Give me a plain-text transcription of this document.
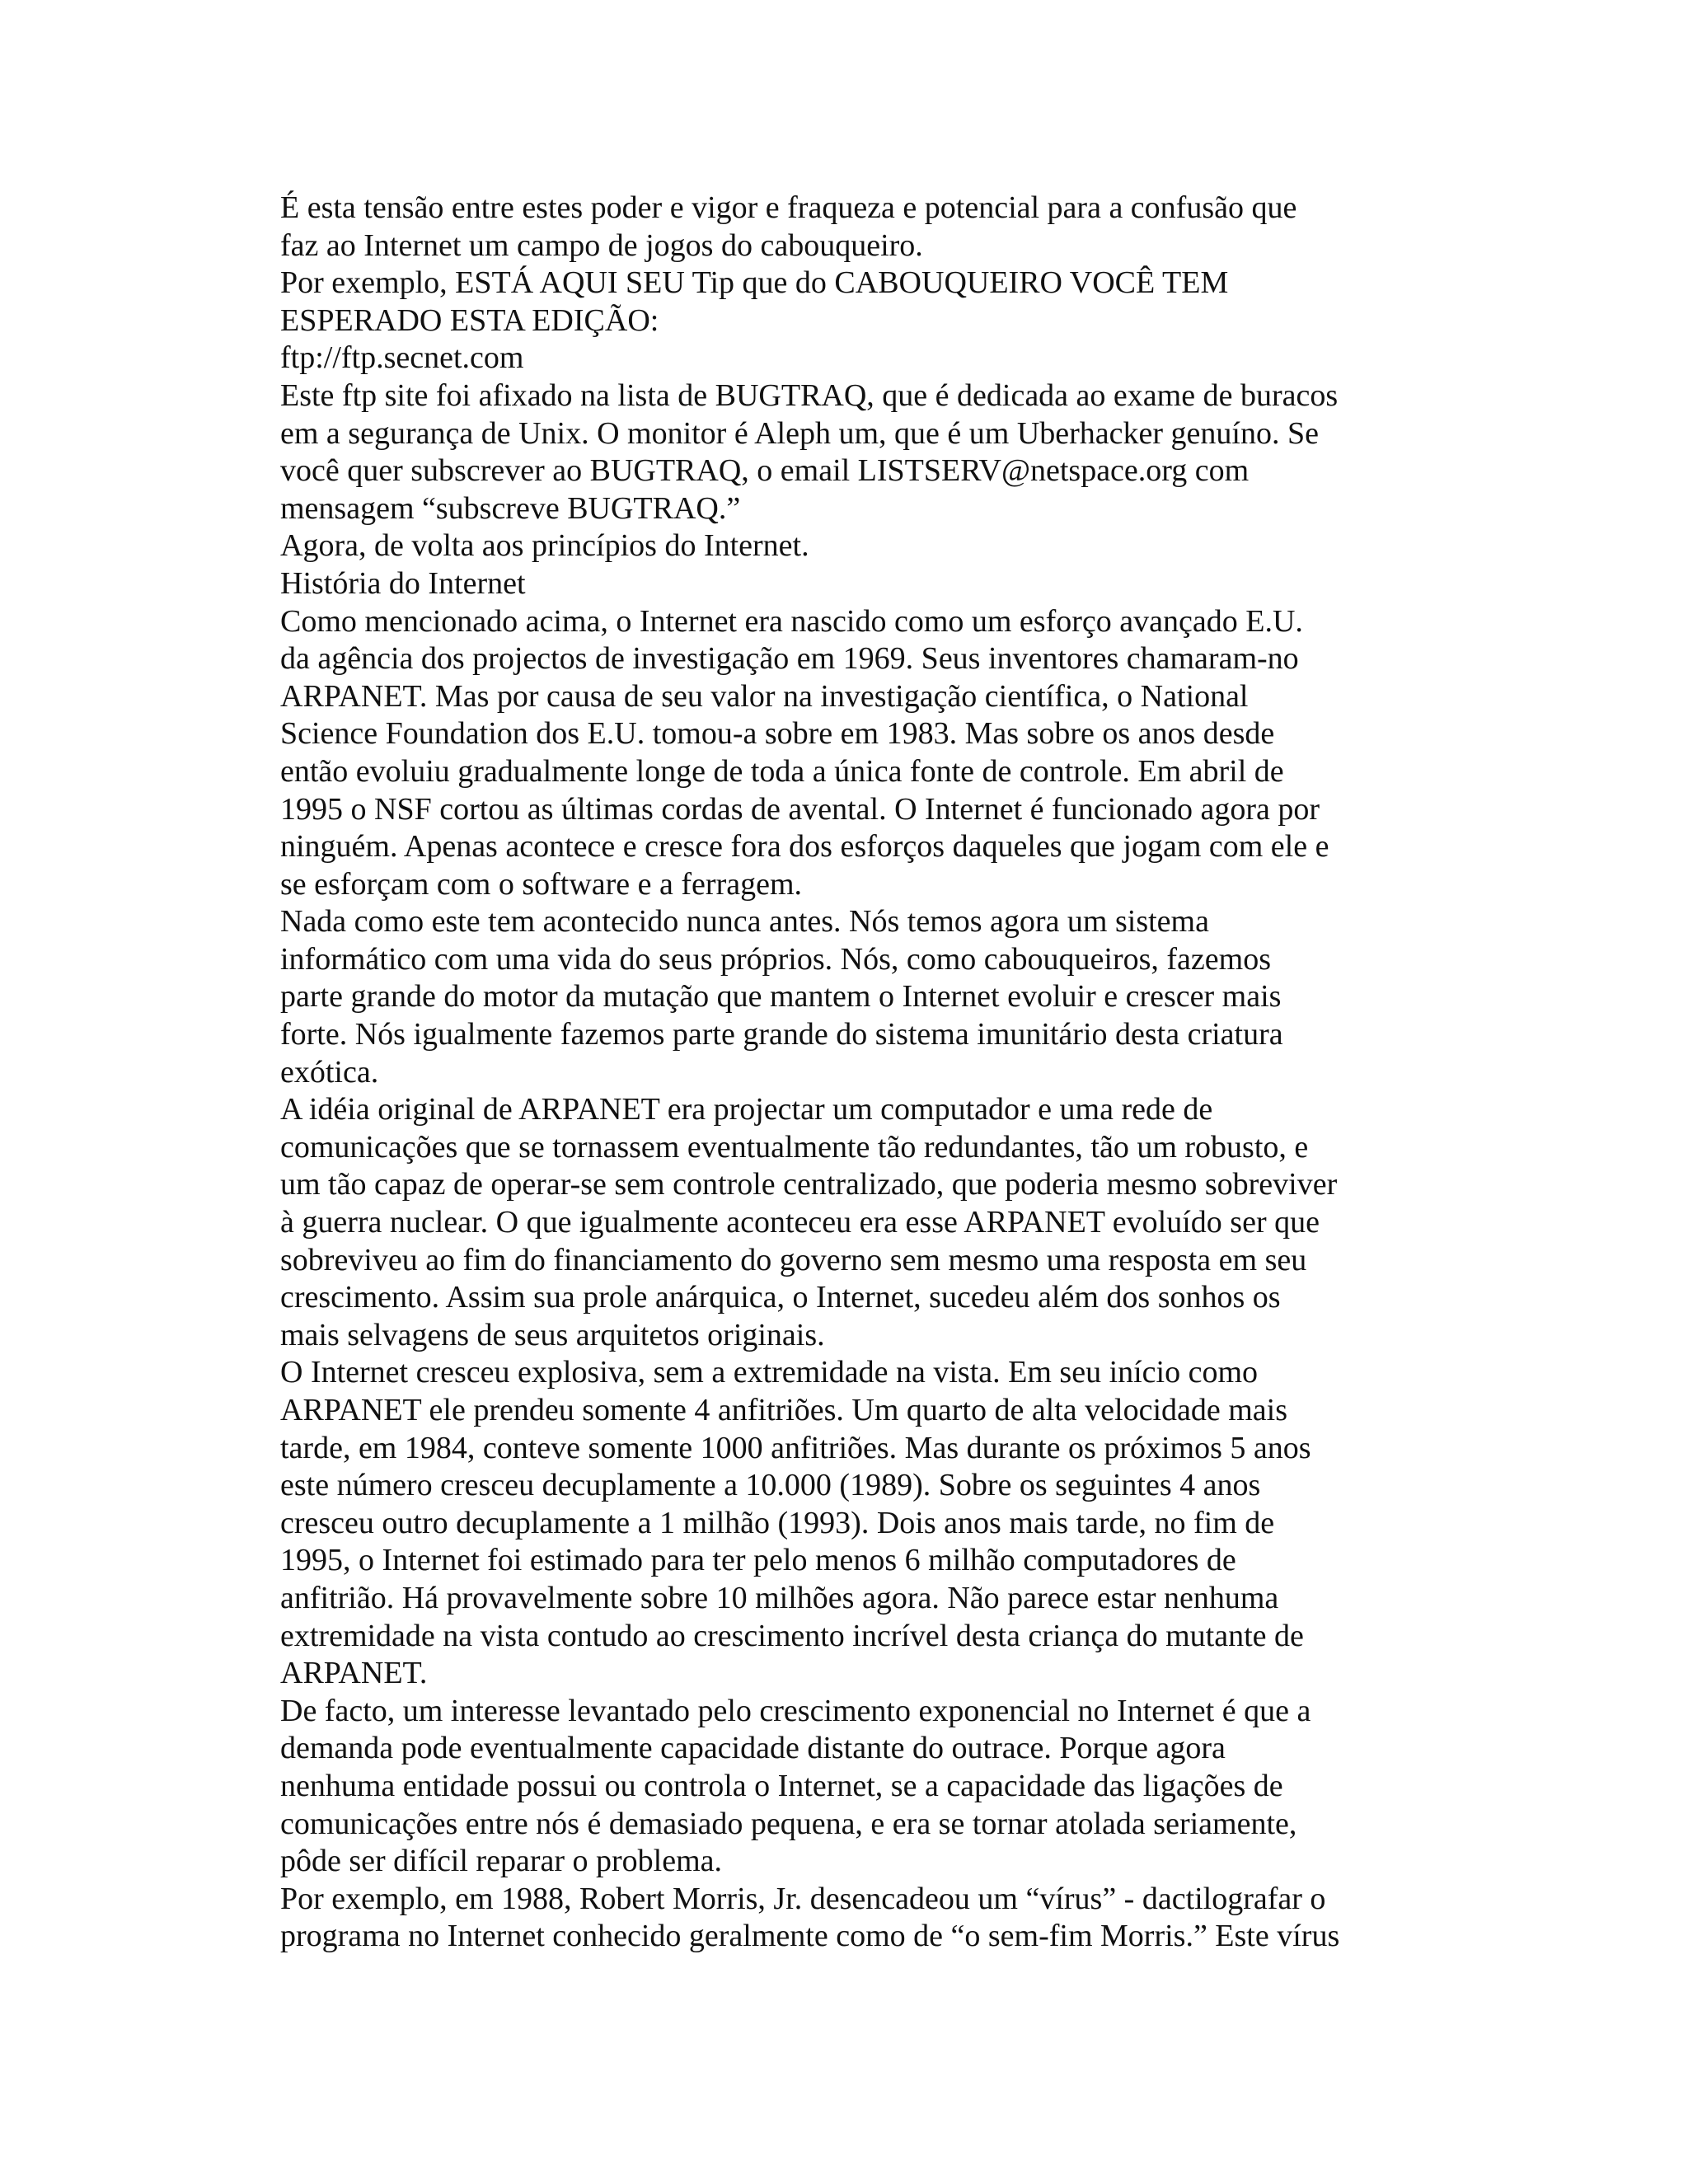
É esta tensão entre estes poder e vigor e fraqueza e potencial para a confusão que
faz ao Internet um campo de jogos do cabouqueiro.
Por exemplo, ESTÁ AQUI SEU Tip que do CABOUQUEIRO VOCÊ TEM
ESPERADO ESTA EDIÇÃO:
ftp://ftp.secnet.com
Este ftp site foi afixado na lista de BUGTRAQ, que é dedicada ao exame de buracos
em a segurança de Unix. O monitor é Aleph um, que é um Uberhacker genuíno. Se
você quer subscrever ao BUGTRAQ, o email LISTSERV@netspace.org com
mensagem “subscreve BUGTRAQ.”
Agora, de volta aos princípios do Internet.
História do Internet
Como mencionado acima, o Internet era nascido como um esforço avançado E.U.
da agência dos projectos de investigação em 1969. Seus inventores chamaram-no
ARPANET. Mas por causa de seu valor na investigação científica, o National
Science Foundation dos E.U. tomou-a sobre em 1983. Mas sobre os anos desde
então evoluiu gradualmente longe de toda a única fonte de controle. Em abril de
1995 o NSF cortou as últimas cordas de avental. O Internet é funcionado agora por
ninguém. Apenas acontece e cresce fora dos esforços daqueles que jogam com ele e
se esforçam com o software e a ferragem.
Nada como este tem acontecido nunca antes. Nós temos agora um sistema
informático com uma vida do seus próprios. Nós, como cabouqueiros, fazemos
parte grande do motor da mutação que mantem o Internet evoluir e crescer mais
forte. Nós igualmente fazemos parte grande do sistema imunitário desta criatura
exótica.
A idéia original de ARPANET era projectar um computador e uma rede de
comunicações que se tornassem eventualmente tão redundantes, tão um robusto, e
um tão capaz de operar-se sem controle centralizado, que poderia mesmo sobreviver
à guerra nuclear. O que igualmente aconteceu era esse ARPANET evoluído ser que
sobreviveu ao fim do financiamento do governo sem mesmo uma resposta em seu
crescimento. Assim sua prole anárquica, o Internet, sucedeu além dos sonhos os
mais selvagens de seus arquitetos originais.
O Internet cresceu explosiva, sem a extremidade na vista. Em seu início como
ARPANET ele prendeu somente 4 anfitriões. Um quarto de alta velocidade mais
tarde, em 1984, conteve somente 1000 anfitriões. Mas durante os próximos 5 anos
este número cresceu decuplamente a 10.000 (1989). Sobre os seguintes 4 anos
cresceu outro decuplamente a 1 milhão (1993). Dois anos mais tarde, no fim de
1995, o Internet foi estimado para ter pelo menos 6 milhão computadores de
anfitrião. Há provavelmente sobre 10 milhões agora. Não parece estar nenhuma
extremidade na vista contudo ao crescimento incrível desta criança do mutante de
ARPANET.
De facto, um interesse levantado pelo crescimento exponencial no Internet é que a
demanda pode eventualmente capacidade distante do outrace. Porque agora
nenhuma entidade possui ou controla o Internet, se a capacidade das ligações de
comunicações entre nós é demasiado pequena, e era se tornar atolada seriamente,
pôde ser difícil reparar o problema.
Por exemplo, em 1988, Robert Morris, Jr. desencadeou um “vírus” - dactilografar o
programa no Internet conhecido geralmente como de “o sem-fim Morris.” Este vírus
